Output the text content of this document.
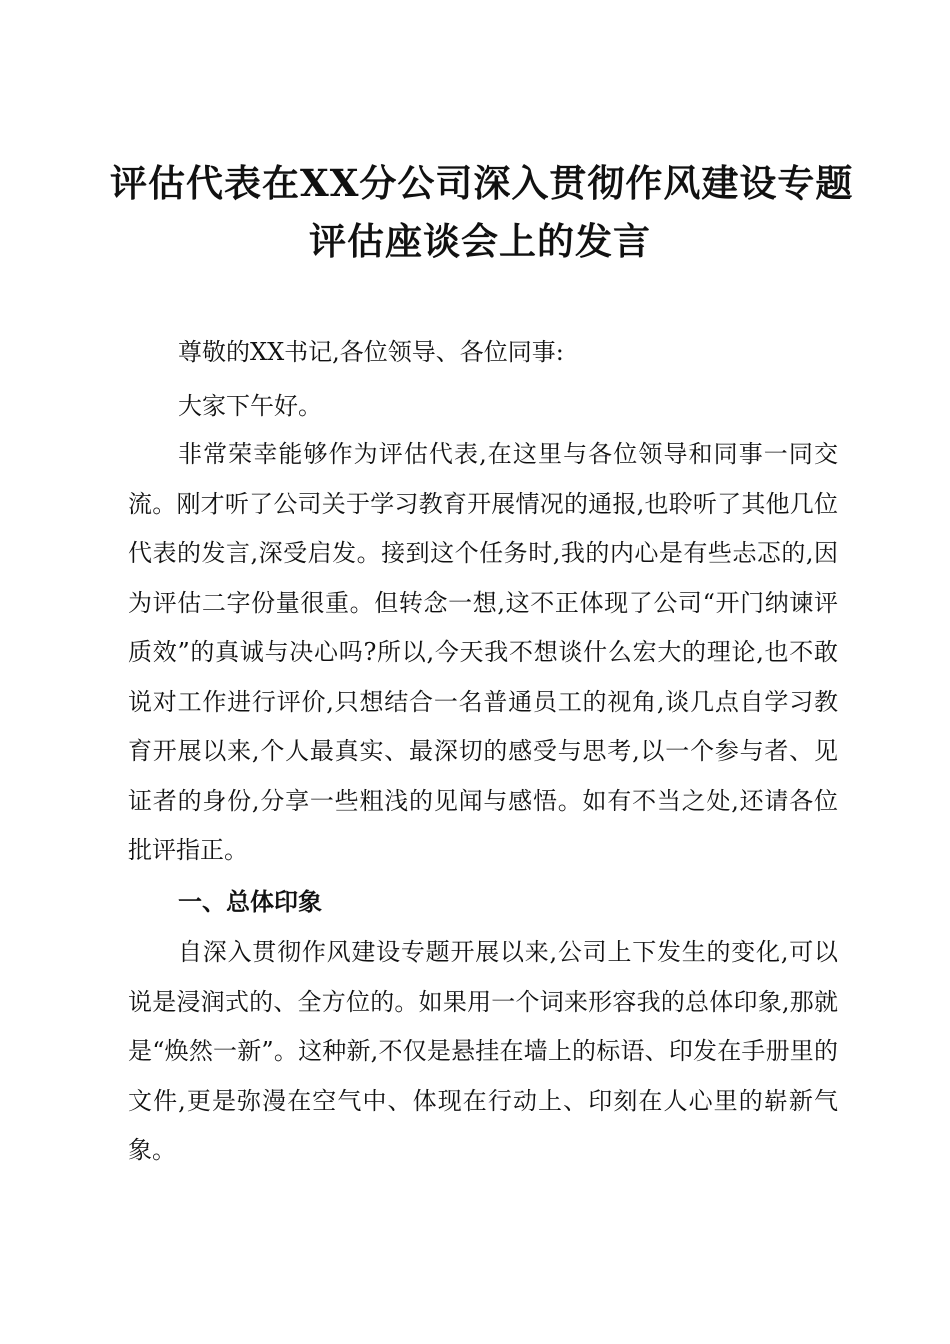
评估代表在XX分公司深入贯彻作风建设专题
评估座谈会上的发言

尊敬的XX书记,各位领导、各位同事:

大家下午好。

非常荣幸能够作为评估代表,在这里与各位领导和同事一同交流。刚才听了公司关于学习教育开展情况的通报,也聆听了其他几位代表的发言,深受启发。接到这个任务时,我的内心是有些忐忑的,因为评估二字份量很重。但转念一想,这不正体现了公司“开门纳谏评质效”的真诚与决心吗?所以,今天我不想谈什么宏大的理论,也不敢说对工作进行评价,只想结合一名普通员工的视角,谈几点自学习教育开展以来,个人最真实、最深切的感受与思考,以一个参与者、见证者的身份,分享一些粗浅的见闻与感悟。如有不当之处,还请各位批评指正。

一、总体印象

自深入贯彻作风建设专题开展以来,公司上下发生的变化,可以说是浸润式的、全方位的。如果用一个词来形容我的总体印象,那就是“焕然一新”。这种新,不仅是悬挂在墙上的标语、印发在手册里的文件,更是弥漫在空气中、体现在行动上、印刻在人心里的崭新气象。
